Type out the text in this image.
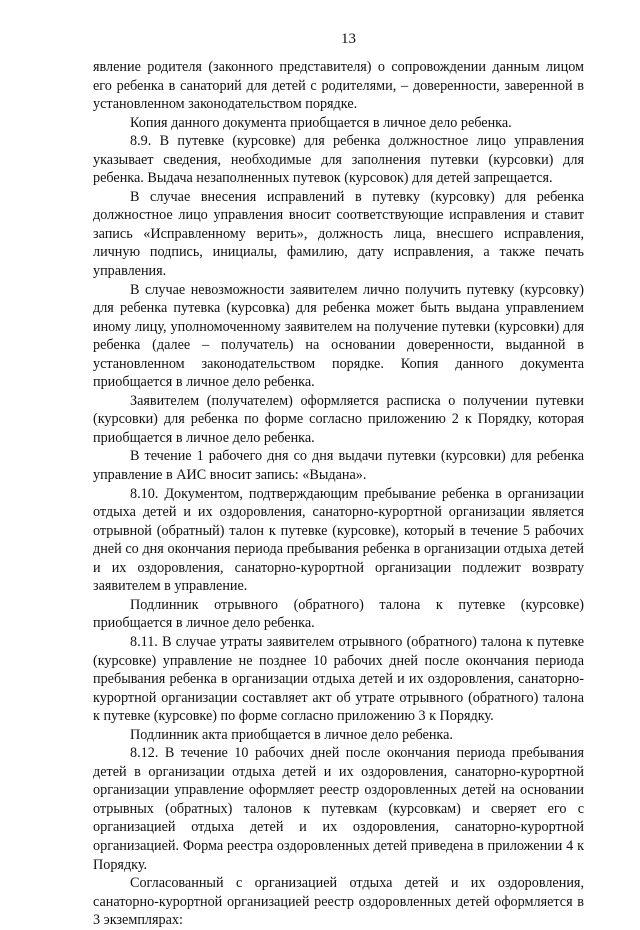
13

явление родителя (законного представителя) о сопровождении данным лицом его ребенка в санаторий для детей с родителями, – доверенности, заверенной в установленном законодательством порядке.

Копия данного документа приобщается в личное дело ребенка.

8.9. В путевке (курсовке) для ребенка должностное лицо управления указывает сведения, необходимые для заполнения путевки (курсовки) для ребенка. Выдача незаполненных путевок (курсовок) для детей запрещается.

В случае внесения исправлений в путевку (курсовку) для ребенка должностное лицо управления вносит соответствующие исправления и ставит запись «Исправленному верить», должность лица, внесшего исправления, личную подпись, инициалы, фамилию, дату исправления, а также печать управления.

В случае невозможности заявителем лично получить путевку (курсовку) для ребенка путевка (курсовка) для ребенка может быть выдана управлением иному лицу, уполномоченному заявителем на получение путевки (курсовки) для ребенка (далее – получатель) на основании доверенности, выданной в установленном законодательством порядке. Копия данного документа приобщается в личное дело ребенка.

Заявителем (получателем) оформляется расписка о получении путевки (курсовки) для ребенка по форме согласно приложению 2 к Порядку, которая приобщается в личное дело ребенка.

В течение 1 рабочего дня со дня выдачи путевки (курсовки) для ребенка управление в АИС вносит запись: «Выдана».

8.10. Документом, подтверждающим пребывание ребенка в организации отдыха детей и их оздоровления, санаторно-курортной организации является отрывной (обратный) талон к путевке (курсовке), который в течение 5 рабочих дней со дня окончания периода пребывания ребенка в организации отдыха детей и их оздоровления, санаторно-курортной организации подлежит возврату заявителем в управление.

Подлинник отрывного (обратного) талона к путевке (курсовке) приобщается в личное дело ребенка.

8.11. В случае утраты заявителем отрывного (обратного) талона к путевке (курсовке) управление не позднее 10 рабочих дней после окончания периода пребывания ребенка в организации отдыха детей и их оздоровления, санаторно-курортной организации составляет акт об утрате отрывного (обратного) талона к путевке (курсовке) по форме согласно приложению 3 к Порядку.

Подлинник акта приобщается в личное дело ребенка.

8.12. В течение 10 рабочих дней после окончания периода пребывания детей в организации отдыха детей и их оздоровления, санаторно-курортной организации управление оформляет реестр оздоровленных детей на основании отрывных (обратных) талонов к путевкам (курсовкам) и сверяет его с организацией отдыха детей и их оздоровления, санаторно-курортной организацией. Форма реестра оздоровленных детей приведена в приложении 4 к Порядку.

Согласованный с организацией отдыха детей и их оздоровления, санаторно-курортной организацией реестр оздоровленных детей оформляется в 3 экземплярах:
